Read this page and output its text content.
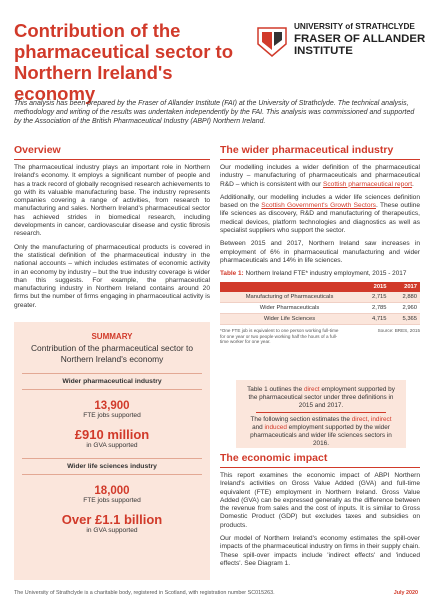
Contribution of the pharmaceutical sector to Northern Ireland's economy
UNIVERSITY of STRATHCLYDE
FRASER OF ALLANDER
INSTITUTE
This analysis has been prepared by the Fraser of Allander Institute (FAI) at the University of Strathclyde. The technical analysis, methodology and writing of the results was undertaken independently by the FAI. This analysis was commissioned and supported by the Association of the British Pharmaceutical Industry (ABPI) Northern Ireland.
Overview

The pharmaceutical industry plays an important role in Northern Ireland's economy. It employs a significant number of people and has a track record of globally recognised research achievements to go with its valuable manufacturing base. The industry represents companies covering a range of activities, from research to manufacturing and sales. Northern Ireland's pharmaceutical sector has achieved strides in biomedical research, including developments in cancer, cardiovascular disease and cystic fibrosis research.

Only the manufacturing of pharmaceutical products is covered in the statistical definition of the pharmaceutical industry in the national accounts – which includes estimates of economic activity in an economy by industry – but the true industry coverage is wider than this suggests. For example, the pharmaceutical manufacturing industry in Northern Ireland contains around 20 firms but the number of firms engaging in pharmaceutical activity is greater.

SUMMARY
Contribution of the pharmaceutical sector to Northern Ireland's economy
Wider pharmaceutical industry
13,900
FTE jobs supported
£910 million
in GVA supported
Wider life sciences industry
18,000
FTE jobs supported
Over £1.1 billion
in GVA supported
The wider pharmaceutical industry

Our modelling includes a wider definition of the pharmaceutical industry – manufacturing of pharmaceuticals and pharmaceutical R&D – which is consistent with our Scottish pharmaceutical report.

Additionally, our modelling includes a wider life sciences definition based on the Scottish Government's Growth Sectors. These outline life sciences as discovery, R&D and manufacturing of therapeutics, medical devices, platform technologies and diagnostics as well as specialist suppliers who support the sector.

Between 2015 and 2017, Northern Ireland saw increases in employment of 6% in pharmaceutical manufacturing and wider pharmaceuticals and 14% in life sciences.

Table 1: Northern Ireland FTE* industry employment, 2015 - 2017
	2015	2017
Manufacturing of Pharmaceuticals	2,715	2,880
Wider Pharmaceuticals	2,785	2,960
Wider Life Sciences	4,715	5,365
*One FTE job is equivalent to one person working full-time for one year or two people working half the hours of a full-time worker for one year.
Source: BRES, 2015
Table 1 outlines the direct employment supported by the pharmaceutical sector under three definitions in 2015 and 2017.
The following section estimates the direct, indirect and induced employment supported by the wider pharmaceuticals and wider life sciences sectors in 2016.
The economic impact

This report examines the economic impact of ABPI Northern Ireland's activities on Gross Value Added (GVA) and full-time equivalent (FTE) employment in Northern Ireland. Gross Value Added (GVA) can be expressed generally as the difference between the revenue from sales and the cost of inputs. It is similar to Gross Domestic Product (GDP) but excludes taxes and subsidies on products.

Our model of Northern Ireland's economy estimates the spill-over impacts of the pharmaceutical industry on firms in their supply chain. These spill-over impacts include 'indirect effects' and 'induced effects'. See Diagram 1.

The University of Strathclyde is a charitable body, registered in Scotland, with registration number SC015263.	July 2020
